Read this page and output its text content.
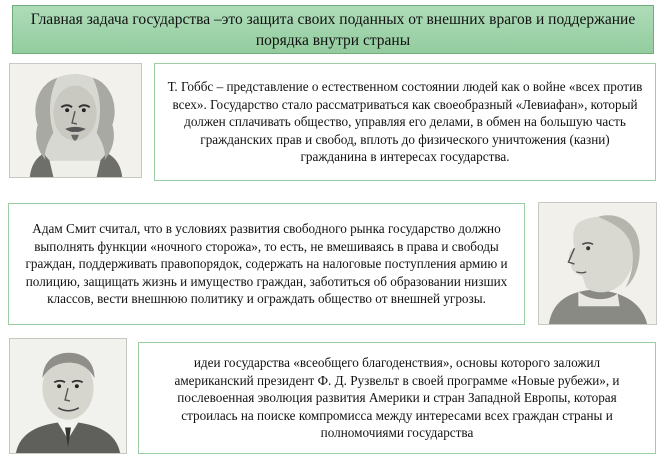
Главная задача государства –это защита своих поданных от внешних врагов и поддержание порядка внутри страны
Т. Гоббс – представление о естественном состоянии людей как о войне «всех против всех». Государство стало рассматриваться как своеобразный «Левиафан», который должен сплачивать общество, управляя его делами, в обмен на большую часть гражданских прав и свобод, вплоть до физического уничтожения (казни) гражданина в интересах государства.
Адам Смит считал, что в условиях развития свободного рынка государство должно выполнять функции «ночного сторожа», то есть, не вмешиваясь в права и свободы граждан, поддерживать правопорядок, содержать на налоговые поступления армию и полицию, защищать жизнь и имущество граждан, заботиться об образовании низших классов, вести внешнюю политику и ограждать общество от внешней угрозы.
идеи государства «всеобщего благоденствия», основы которого заложил американский президент Ф. Д. Рузвельт в своей программе «Новые рубежи», и послевоенная эволюция развития Америки и стран Западной Европы, которая строилась на поиске компромисса между интересами всех граждан страны и полномочиями государства
